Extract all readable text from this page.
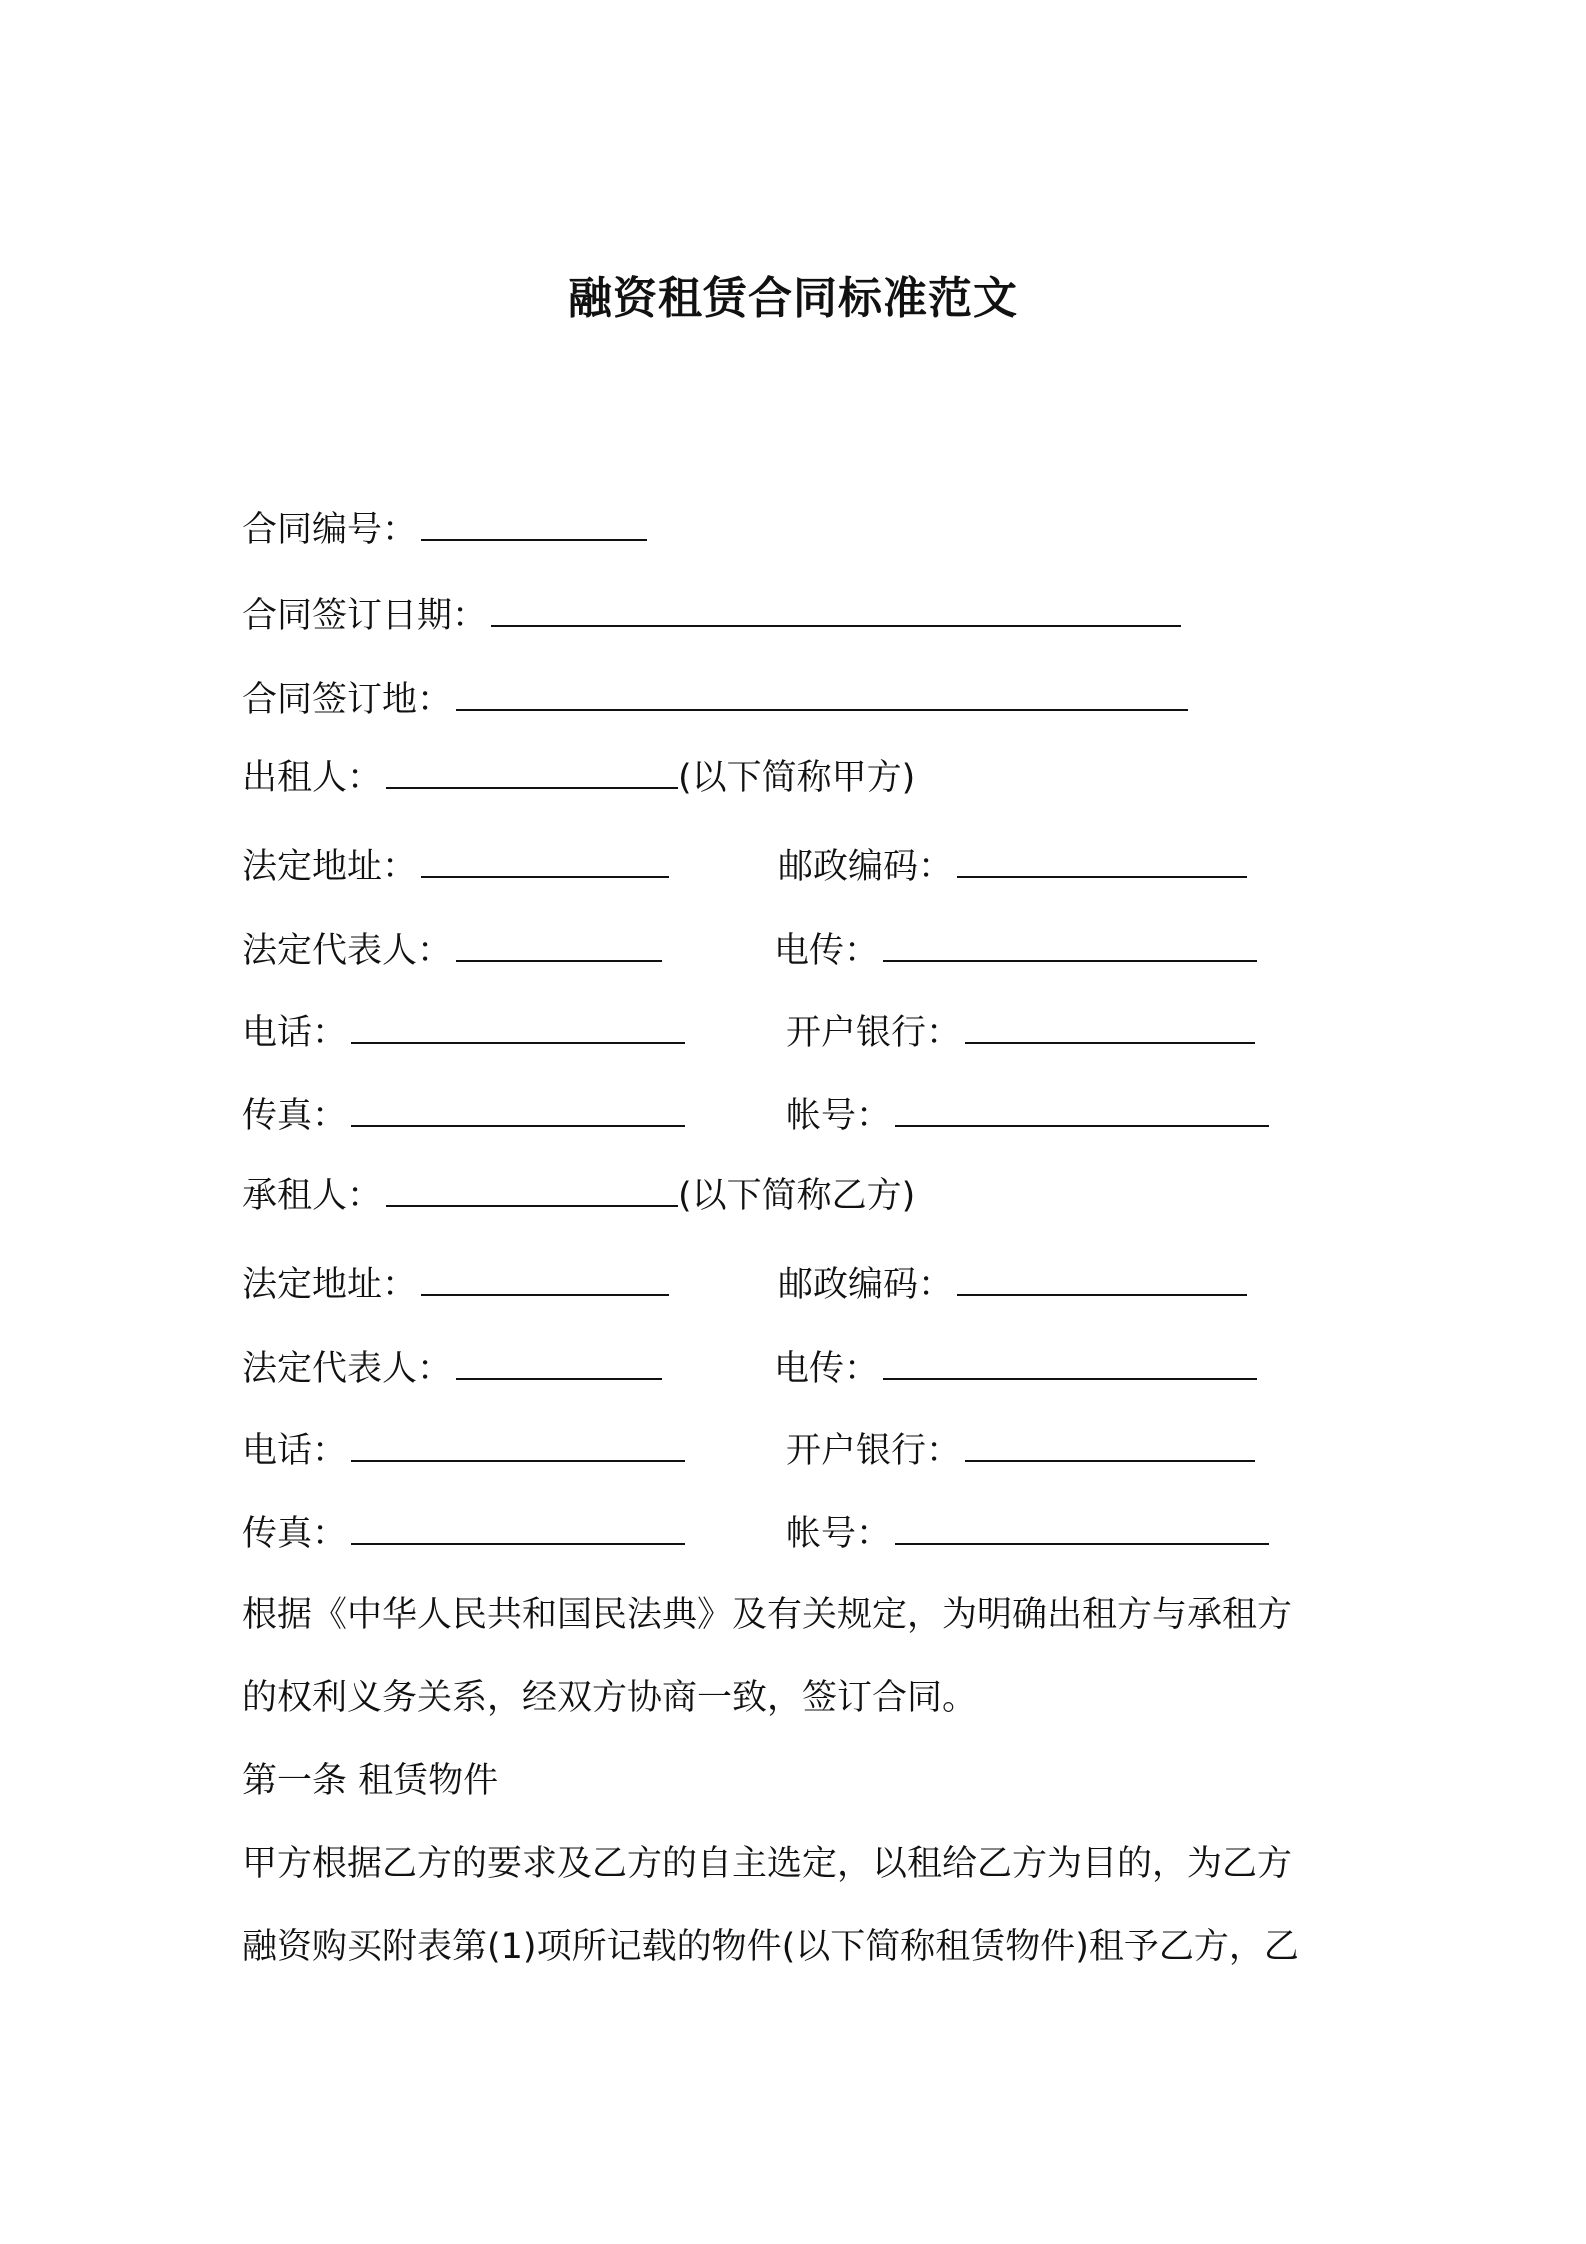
融资租赁合同标准范文
合同编号：
合同签订日期：
合同签订地：
出租人：	(以下简称甲方)
法定地址：	邮政编码：
法定代表人：	电传：
电话：	开户银行：
传真：	帐号：
承租人：	(以下简称乙方)
法定地址：	邮政编码：
法定代表人：	电传：
电话：	开户银行：
传真：	帐号：
根据《中华人民共和国民法典》及有关规定，为明确出租方与承租方
的权利义务关系，经双方协商一致，签订合同。
第一条 租赁物件
甲方根据乙方的要求及乙方的自主选定，以租给乙方为目的，为乙方
融资购买附表第(1)项所记载的物件(以下简称租赁物件)租予乙方，乙
